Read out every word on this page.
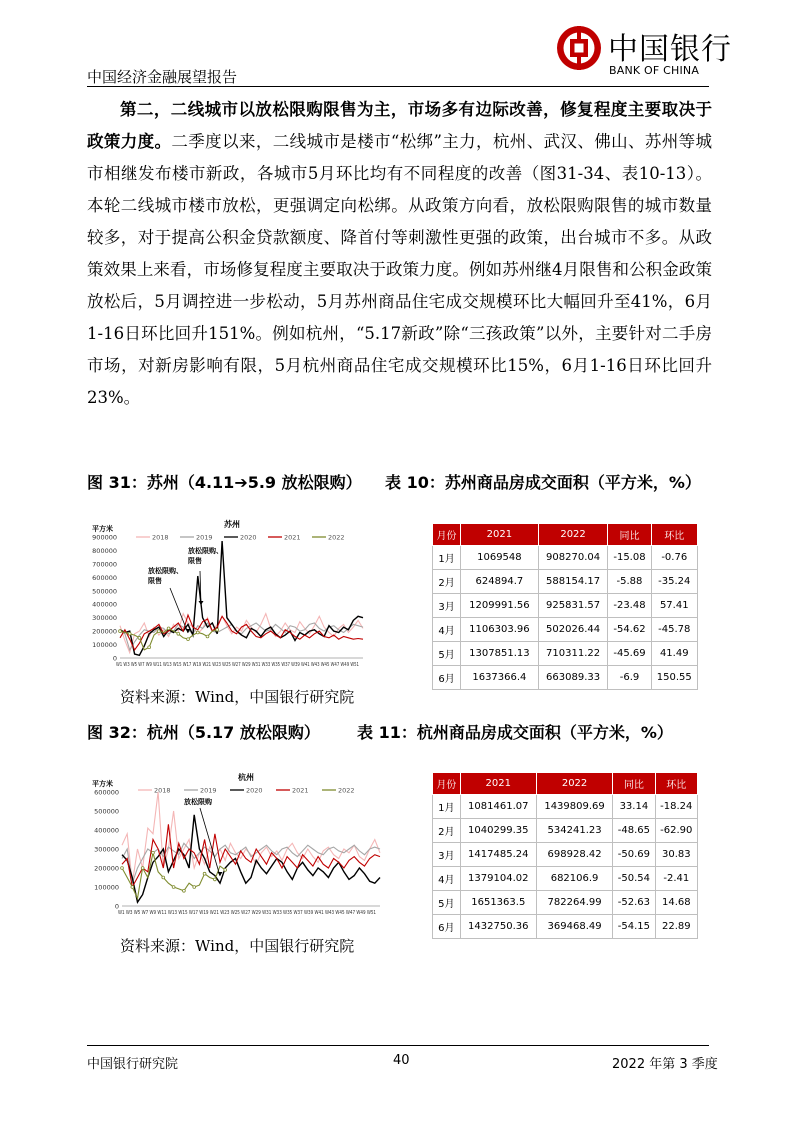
中国经济金融展望报告
中国银行
BANK OF CHINA

第二，二线城市以放松限购限售为主，市场多有边际改善，修复程度主要取决于政策力度。二季度以来，二线城市是楼市“松绑”主力，杭州、武汉、佛山、苏州等城市相继发布楼市新政，各城市5月环比均有不同程度的改善（图31-34、表10-13）。本轮二线城市楼市放松，更强调定向松绑。从政策方向看，放松限购限售的城市数量较多，对于提高公积金贷款额度、降首付等刺激性更强的政策，出台城市不多。从政策效果上来看，市场修复程度主要取决于政策力度。例如苏州继4月限售和公积金政策放松后，5月调控进一步松动，5月苏州商品住宅成交规模环比大幅回升至41%，6月1-16日环比回升151%。例如杭州，“5.17新政”除“三孩政策”以外，主要针对二手房市场，对新房影响有限，5月杭州商品住宅成交规模环比15%，6月1-16日环比回升23%。

图 31：苏州（4.11➔5.9 放松限购） 表 10：苏州商品房成交面积（平方米，%）
900000
800000
700000
600000
500000
400000
300000
200000
100000
0
平方米
W1 W3 W5 W7 W9 W11 W13 W15 W17 W19 W21 W23 W25 W27 W29 W31 W33 W35 W37 W39 W41 W43 W45 W47 W49 W51
2018	2019	2020	2021	2022
苏州
放松限购、
限售
放松限购、
限售
月份	2021	2022	同比	环比
1月	1069548	908270.04	-15.08	-0.76
2月	624894.7	588154.17	-5.88	-35.24
3月	1209991.56	925831.57	-23.48	57.41
4月	1106303.96	502026.44	-54.62	-45.78
5月	1307851.13	710311.22	-45.69	41.49
6月	1637366.4	663089.33	-6.9	150.55
资料来源：Wind，中国银行研究院
图 32：杭州（5.17 放松限购） 表 11：杭州商品房成交面积（平方米，%）
600000
500000
400000
300000
200000
100000
0
平方米
W1 W3 W5 W7 W9 W11 W13 W15 W17 W19 W21 W23 W25 W27 W29 W31 W33 W35 W37 W39 W41 W43 W45 W47 W49 W51
2018	2019	2020	2021	2022
杭州
放松限购
月份	2021	2022	同比	环比
1月	1081461.07	1439809.69	33.14	-18.24
2月	1040299.35	534241.23	-48.65	-62.90
3月	1417485.24	698928.42	-50.69	30.83
4月	1379104.02	682106.9	-50.54	-2.41
5月	1651363.5	782264.99	-52.63	14.68
6月	1432750.36	369468.49	-54.15	22.89
资料来源：Wind，中国银行研究院
中国银行研究院	40	2022 年第 3 季度
